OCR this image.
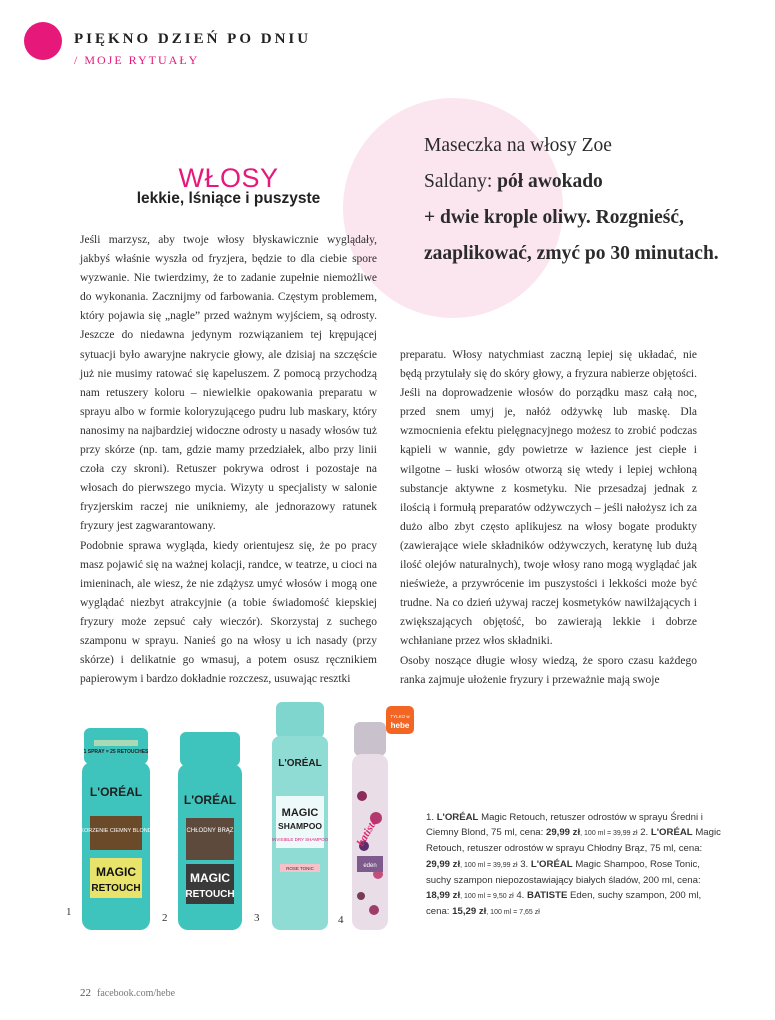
PIĘKNO DZIEŃ PO DNIU
/ MOJE RYTUAŁY
Maseczka na włosy Zoe
Saldany: pół awokado
+ dwie krople oliwy. Rozgnieść, zaaplikować, zmyć po 30 minutach.
WŁOSY
lekkie, lśniące i puszyste

Jeśli marzysz, aby twoje włosy błyskawicznie wyglądały, jakbyś właśnie wyszła od fryzjera, będzie to dla ciebie spore wyzwanie. Nie twierdzimy, że to zadanie zupełnie niemożliwe do wykonania. Zacznijmy od farbowania. Częstym problemem, który pojawia się „nagle” przed ważnym wyjściem, są odrosty. Jeszcze do niedawna jedynym rozwiązaniem tej krępującej sytuacji było awaryjne nakrycie głowy, ale dzisiaj na szczęście już nie musimy ratować się kapeluszem. Z pomocą przychodzą nam retuszery koloru – niewielkie opakowania preparatu w sprayu albo w formie koloryzującego pudru lub maskary, który nanosimy na najbardziej widoczne odrosty u nasady włosów tuż przy skórze (np. tam, gdzie mamy przedziałek, albo przy linii czoła czy skroni). Retuszer pokrywa odrost i pozostaje na włosach do pierwszego mycia. Wizyty u specjalisty w salonie fryzjerskim raczej nie unikniemy, ale jednorazowy ratunek fryzury jest zagwarantowany.

Podobnie sprawa wygląda, kiedy orientujesz się, że po pracy masz pojawić się na ważnej kolacji, randce, w teatrze, u cioci na imieninach, ale wiesz, że nie zdążysz umyć włosów i mogą one wyglądać niezbyt atrakcyjnie (a tobie świadomość kiepskiej fryzury może zepsuć cały wieczór). Skorzystaj z suchego szamponu w sprayu. Nanieś go na włosy u ich nasady (przy skórze) i delikatnie go wmasuj, a potem osusz ręcznikiem papierowym i bardzo dokładnie rozczesz, usuwając resztki

preparatu. Włosy natychmiast zaczną lepiej się układać, nie będą przytulały się do skóry głowy, a fryzura nabierze objętości. Jeśli na doprowadzenie włosów do porządku masz całą noc, przed snem umyj je, nałóż odżywkę lub maskę. Dla wzmocnienia efektu pielęgnacyjnego możesz to zrobić podczas kąpieli w wannie, gdy powietrze w łazience jest ciepłe i wilgotne – łuski włosów otworzą się wtedy i lepiej wchłoną substancje aktywne z kosmetyku. Nie przesadzaj jednak z ilością i formułą preparatów odżywczych – jeśli nałożysz ich za dużo albo zbyt często aplikujesz na włosy bogate produkty (zawierające wiele składników odżywczych, keratynę lub dużą ilość olejów naturalnych), twoje włosy rano mogą wyglądać jak nieświeże, a przywrócenie im puszystości i lekkości może być trudne. Na co dzień używaj raczej kosmetyków nawilżających i zwiększających objętość, bo zawierają lekkie i dobrze wchłaniane przez włos składniki.

Osoby noszące długie włosy wiedzą, że sporo czasu każdego ranka zajmuje ułożenie fryzury i przeważnie mają swoje

1 SPRAY = 25 RETOUCHES
L'ORÉAL
KORZENIE CIEMNY BLOND
MAGIC
RETOUCH
1
L'ORÉAL
CHŁODNY BRĄZ
MAGIC
RETOUCH
2
L'ORÉAL
MAGIC
SHAMPOO
INVISIBLE DRY SHAMPOO
ROSE TONIC
3
TYLKO w
hebe
batiste
eden
4
1. L'ORÉAL Magic Retouch, retuszer odrostów w sprayu Średni i Ciemny Blond, 75 ml, cena: 29,99 zł, 100 ml = 39,99 zł 2. L'ORÉAL Magic Retouch, retuszer odrostów w sprayu Chłodny Brąz, 75 ml, cena: 29,99 zł, 100 ml = 39,99 zł 3. L'ORÉAL Magic Shampoo, Rose Tonic, suchy szampon niepozostawiający białych śladów, 200 ml, cena: 18,99 zł, 100 ml = 9,50 zł 4. BATISTE Eden, suchy szampon, 200 ml, cena: 15,29 zł, 100 ml = 7,65 zł
22 facebook.com/hebe
